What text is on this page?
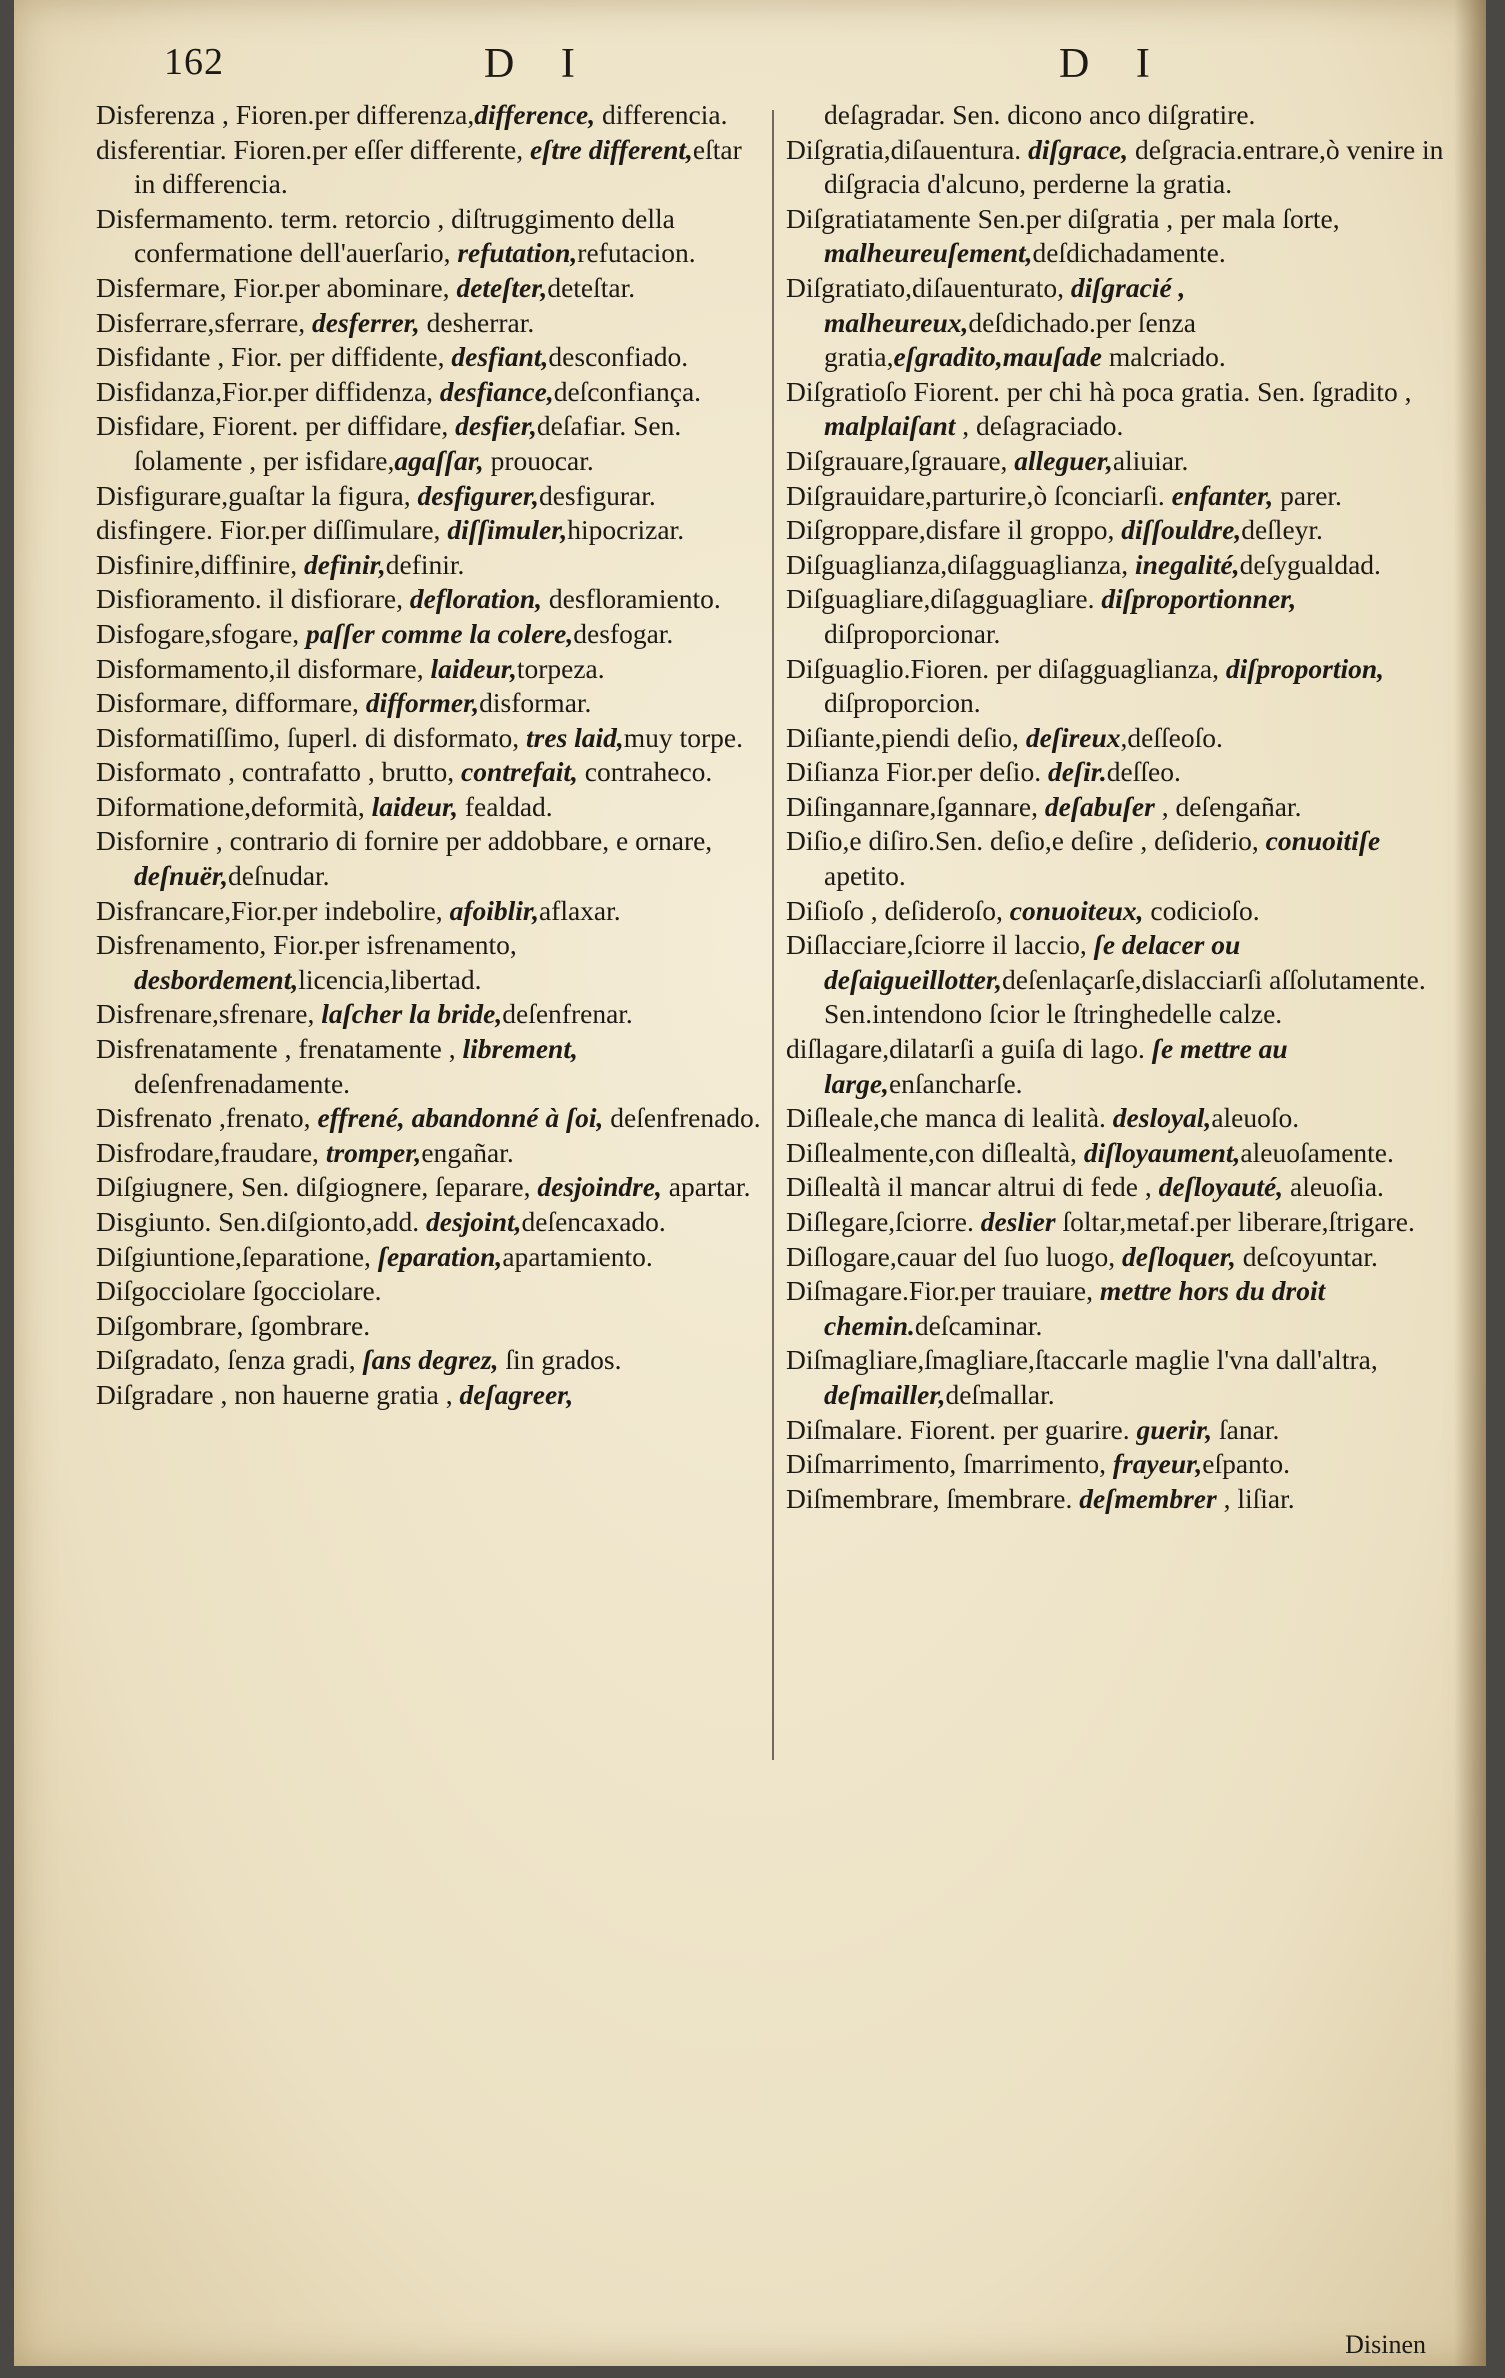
162	D I	D I

Disferenza , Fioren.per differenza,difference, differencia.

disferentiar. Fioren.per eſſer differente, eſtre different,eſtar in differencia.

Disfermamento. term. retorcio , diſtruggimento della confermatione dell'auerſario, refutation,refutacion.

Disfermare, Fior.per abominare, deteſter,deteſtar.

Disferrare,sferrare, desferrer, desherrar.

Disfidante , Fior. per diffidente, desfiant,desconfiado.

Disfidanza,Fior.per diffidenza, desfiance,deſconfiança.

Disfidare, Fiorent. per diffidare, desfier,deſafiar. Sen. ſolamente , per isfidare,agaſſar, prouocar.

Disfigurare,guaſtar la figura, desfigurer,desfigurar.

disfingere. Fior.per diſſimulare, diſſimuler,hipocrizar.

Disfinire,diffinire, definir,definir.

Disfioramento. il disfiorare, defloration, desfloramiento.

Disfogare,sfogare, paſſer comme la colere,desfogar.

Disformamento,il disformare, laideur,torpeza.

Disformare, difformare, difformer,disformar.

Disformatiſſimo, ſuperl. di disformato, tres laid,muy torpe.

Disformato , contrafatto , brutto, contrefait, contraheco.

Diformatione,deformità, laideur, fealdad.

Disfornire , contrario di fornire per addobbare, e ornare, deſnuër,deſnudar.

Disfrancare,Fior.per indebolire, afoiblir,aflaxar.

Disfrenamento, Fior.per isfrenamento, desbordement,licencia,libertad.

Disfrenare,sfrenare, laſcher la bride,deſenfrenar.

Disfrenatamente , frenatamente , librement, deſenfrenadamente.

Disfrenato ,frenato, effrené, abandonné à ſoi, deſenfrenado.

Disfrodare,fraudare, tromper,engañar.

Diſgiugnere, Sen. diſgiognere, ſeparare, desjoindre, apartar.

Disgiunto. Sen.diſgionto,add. desjoint,deſencaxado.

Diſgiuntione,ſeparatione, ſeparation,apartamiento.

Diſgocciolare ſgocciolare.

Diſgombrare, ſgombrare.

Diſgradato, ſenza gradi, ſans degrez, ſin grados.

Diſgradare , non hauerne gratia , deſagreer,

deſagradar. Sen. dicono anco diſgratire.

Diſgratia,diſauentura. diſgrace, deſgracia.entrare,ò venire in diſgracia d'alcuno, perderne la gratia.

Diſgratiatamente Sen.per diſgratia , per mala ſorte, malheureuſement,deſdichadamente.

Diſgratiato,diſauenturato, diſgracié , malheureux,deſdichado.per ſenza gratia,eſgradito,mauſade malcriado.

Diſgratioſo Fiorent. per chi hà poca gratia. Sen. ſgradito , malplaiſant , deſagraciado.

Diſgrauare,ſgrauare, alleguer,aliuiar.

Diſgrauidare,parturire,ò ſconciarſi. enfanter, parer.

Diſgroppare,disfare il groppo, diſſouldre,deſleyr.

Diſguaglianza,diſagguaglianza, inegalité,deſygualdad.

Diſguagliare,diſagguagliare. diſproportionner, diſproporcionar.

Diſguaglio.Fioren. per diſagguaglianza, diſproportion, diſproporcion.

Diſiante,piendi deſio, deſireux,deſſeoſo.

Diſianza Fior.per deſio. deſir.deſſeo.

Diſingannare,ſgannare, deſabuſer , deſengañar.

Diſio,e diſiro.Sen. deſio,e deſire , deſiderio, conuoitiſe apetito.

Diſioſo , deſideroſo, conuoiteux, codicioſo.

Diſlacciare,ſciorre il laccio, ſe delacer ou deſaigueillotter,deſenlaçarſe,dislacciarſi aſſolutamente. Sen.intendono ſcior le ſtringhedelle calze.

diſlagare,dilatarſi a guiſa di lago. ſe mettre au large,enſancharſe.

Diſleale,che manca di lealità. desloyal,aleuoſo.

Diſlealmente,con diſlealtà, diſloyaument,aleuoſamente.

Diſlealtà il mancar altrui di fede , deſloyauté, aleuoſia.

Diſlegare,ſciorre. deslier ſoltar,metaf.per liberare,ſtrigare.

Diſlogare,cauar del ſuo luogo, deſloquer, deſcoyuntar.

Diſmagare.Fior.per trauiare, mettre hors du droit chemin.deſcaminar.

Diſmagliare,ſmagliare,ſtaccarle maglie l'vna dall'altra, deſmailler,deſmallar.

Diſmalare. Fiorent. per guarire. guerir, ſanar.

Diſmarrimento, ſmarrimento, frayeur,eſpanto.

Diſmembrare, ſmembrare. deſmembrer , liſiar.

Disinen
